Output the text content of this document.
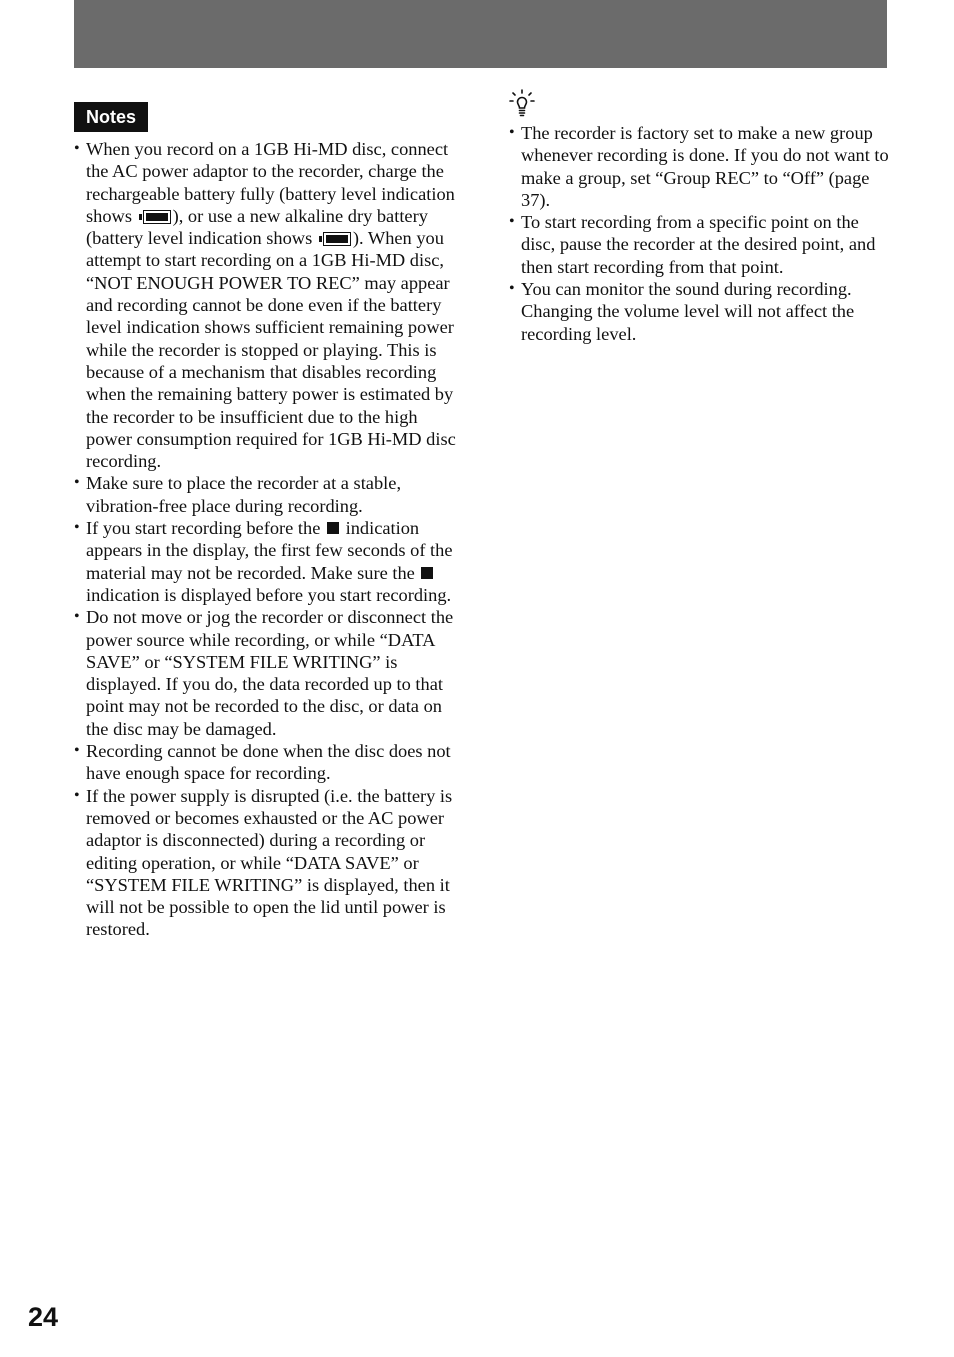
Notes
• When you record on a 1GB Hi-MD disc, connect the AC power adaptor to the recorder, charge the rechargeable battery fully (battery level indication shows ), or use a new alkaline dry battery (battery level indication shows ). When you attempt to start recording on a 1GB Hi-MD disc, “NOT ENOUGH POWER TO REC” may appear and recording cannot be done even if the battery level indication shows sufficient remaining power while the recorder is stopped or playing. This is because of a mechanism that disables recording when the remaining battery power is estimated by the recorder to be insufficient due to the high power consumption required for 1GB Hi-MD disc recording.
• Make sure to place the recorder at a stable, vibration-free place during recording.
• If you start recording before the  indication appears in the display, the first few seconds of the material may not be recorded. Make sure the  indication is displayed before you start recording.
• Do not move or jog the recorder or disconnect the power source while recording, or while “DATA SAVE” or “SYSTEM FILE WRITING” is displayed. If you do, the data recorded up to that point may not be recorded to the disc, or data on the disc may be damaged.
• Recording cannot be done when the disc does not have enough space for recording.
• If the power supply is disrupted (i.e. the battery is removed or becomes exhausted or the AC power adaptor is disconnected) during a recording or editing operation, or while “DATA SAVE” or “SYSTEM FILE WRITING” is displayed, then it will not be possible to open the lid until power is restored.
• The recorder is factory set to make a new group whenever recording is done. If you do not want to make a group, set “Group REC” to “Off” (page 37).
• To start recording from a specific point on the disc, pause the recorder at the desired point, and then start recording from that point.
• You can monitor the sound during recording. Changing the volume level will not affect the recording level.
24
